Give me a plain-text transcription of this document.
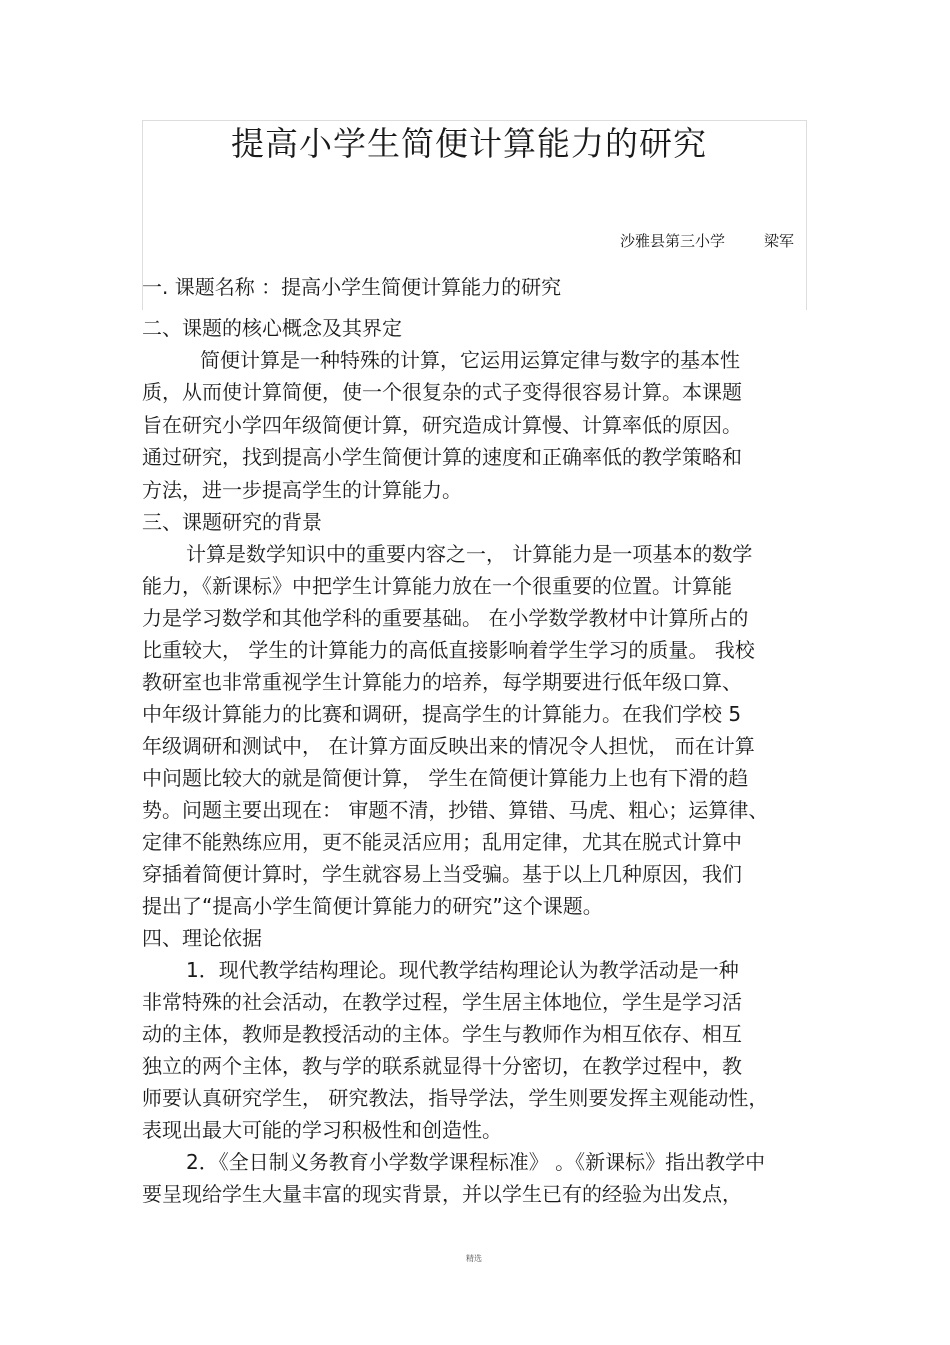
提高小学生简便计算能力的研究
沙雅县第三小学	梁军
一. 课题名称 ：提高小学生简便计算能力的研究
二、课题的核心概念及其界定
简便计算是一种特殊的计算，它运用运算定律与数字的基本性
质，从而使计算简便，使一个很复杂的式子变得很容易计算。本课题
旨在研究小学四年级简便计算，研究造成计算慢、计算率低的原因。
通过研究，找到提高小学生简便计算的速度和正确率低的教学策略和
方法，进一步提高学生的计算能力。
三、课题研究的背景
计算是数学知识中的重要内容之一， 计算能力是一项基本的数学
能力，《新课标》中把学生计算能力放在一个很重要的位置。计算能
力是学习数学和其他学科的重要基础。 在小学数学教材中计算所占的
比重较大， 学生的计算能力的高低直接影响着学生学习的质量。 我校
教研室也非常重视学生计算能力的培养，每学期要进行低年级口算、
中年级计算能力的比赛和调研，提高学生的计算能力。在我们学校 5
年级调研和测试中， 在计算方面反映出来的情况令人担忧， 而在计算
中问题比较大的就是简便计算， 学生在简便计算能力上也有下滑的趋
势。问题主要出现在： 审题不清，抄错、算错、马虎、粗心；运算律、
定律不能熟练应用，更不能灵活应用；乱用定律，尤其在脱式计算中
穿插着简便计算时，学生就容易上当受骗。基于以上几种原因，我们
提出了“提高小学生简便计算能力的研究”这个课题。
四、理论依据
1．现代教学结构理论。现代教学结构理论认为教学活动是一种
非常特殊的社会活动，在教学过程，学生居主体地位，学生是学习活
动的主体，教师是教授活动的主体。学生与教师作为相互依存、相互
独立的两个主体，教与学的联系就显得十分密切，在教学过程中，教
师要认真研究学生， 研究教法，指导学法，学生则要发挥主观能动性，
表现出最大可能的学习积极性和创造性。
2．《全日制义务教育小学数学课程标准》 。《新课标》指出教学中
要呈现给学生大量丰富的现实背景，并以学生已有的经验为出发点，
精选
